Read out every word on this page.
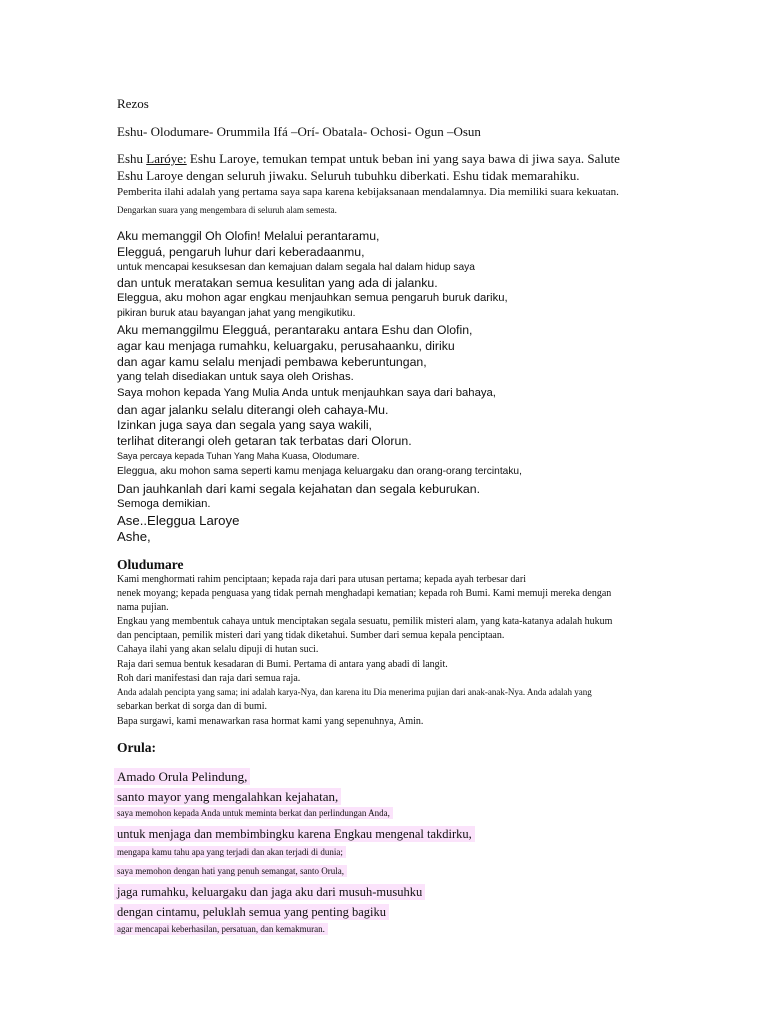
Rezos
Eshu- Olodumare- Orummila Ifá –Orí- Obatala- Ochosi- Ogun –Osun
Eshu Laróye: Eshu Laroye, temukan tempat untuk beban ini yang saya bawa di jiwa saya. Salute
Eshu Laroye dengan seluruh jiwaku. Seluruh tubuhku diberkati. Eshu tidak memarahiku.
Pemberita ilahi adalah yang pertama saya sapa karena kebijaksanaan mendalamnya. Dia memiliki suara kekuatan.
Dengarkan suara yang mengembara di seluruh alam semesta.
Aku memanggil Oh Olofin! Melalui perantaramu,
Elegguá, pengaruh luhur dari keberadaanmu,
untuk mencapai kesuksesan dan kemajuan dalam segala hal dalam hidup saya
dan untuk meratakan semua kesulitan yang ada di jalanku.
Eleggua, aku mohon agar engkau menjauhkan semua pengaruh buruk dariku,
pikiran buruk atau bayangan jahat yang mengikutiku.
Aku memanggilmu Elegguá, perantaraku antara Eshu dan Olofin,
agar kau menjaga rumahku, keluargaku, perusahaanku, diriku
dan agar kamu selalu menjadi pembawa keberuntungan,
yang telah disediakan untuk saya oleh Orishas.
Saya mohon kepada Yang Mulia Anda untuk menjauhkan saya dari bahaya,
dan agar jalanku selalu diterangi oleh cahaya-Mu.
Izinkan juga saya dan segala yang saya wakili,
terlihat diterangi oleh getaran tak terbatas dari Olorun.
Saya percaya kepada Tuhan Yang Maha Kuasa, Olodumare.
Eleggua, aku mohon sama seperti kamu menjaga keluargaku dan orang-orang tercintaku,
Dan jauhkanlah dari kami segala kejahatan dan segala keburukan.
Semoga demikian.
Ase..Eleggua Laroye
Ashe,
Oludumare
Kami menghormati rahim penciptaan; kepada raja dari para utusan pertama; kepada ayah terbesar dari
nenek moyang; kepada penguasa yang tidak pernah menghadapi kematian; kepada roh Bumi. Kami memuji mereka dengan
nama pujian.
Engkau yang membentuk cahaya untuk menciptakan segala sesuatu, pemilik misteri alam, yang kata-katanya adalah hukum
dan penciptaan, pemilik misteri dari yang tidak diketahui. Sumber dari semua kepala penciptaan.
Cahaya ilahi yang akan selalu dipuji di hutan suci.
Raja dari semua bentuk kesadaran di Bumi. Pertama di antara yang abadi di langit.
Roh dari manifestasi dan raja dari semua raja.
Anda adalah pencipta yang sama; ini adalah karya-Nya, dan karena itu Dia menerima pujian dari anak-anak-Nya. Anda adalah yang
sebarkan berkat di sorga dan di bumi.
Bapa surgawi, kami menawarkan rasa hormat kami yang sepenuhnya, Amin.
Orula:
Amado Orula Pelindung,
santo mayor yang mengalahkan kejahatan,
saya memohon kepada Anda untuk meminta berkat dan perlindungan Anda,
untuk menjaga dan membimbingku karena Engkau mengenal takdirku,
mengapa kamu tahu apa yang terjadi dan akan terjadi di dunia;
saya memohon dengan hati yang penuh semangat, santo Orula,
jaga rumahku, keluargaku dan jaga aku dari musuh-musuhku
dengan cintamu, peluklah semua yang penting bagiku
agar mencapai keberhasilan, persatuan, dan kemakmuran.
